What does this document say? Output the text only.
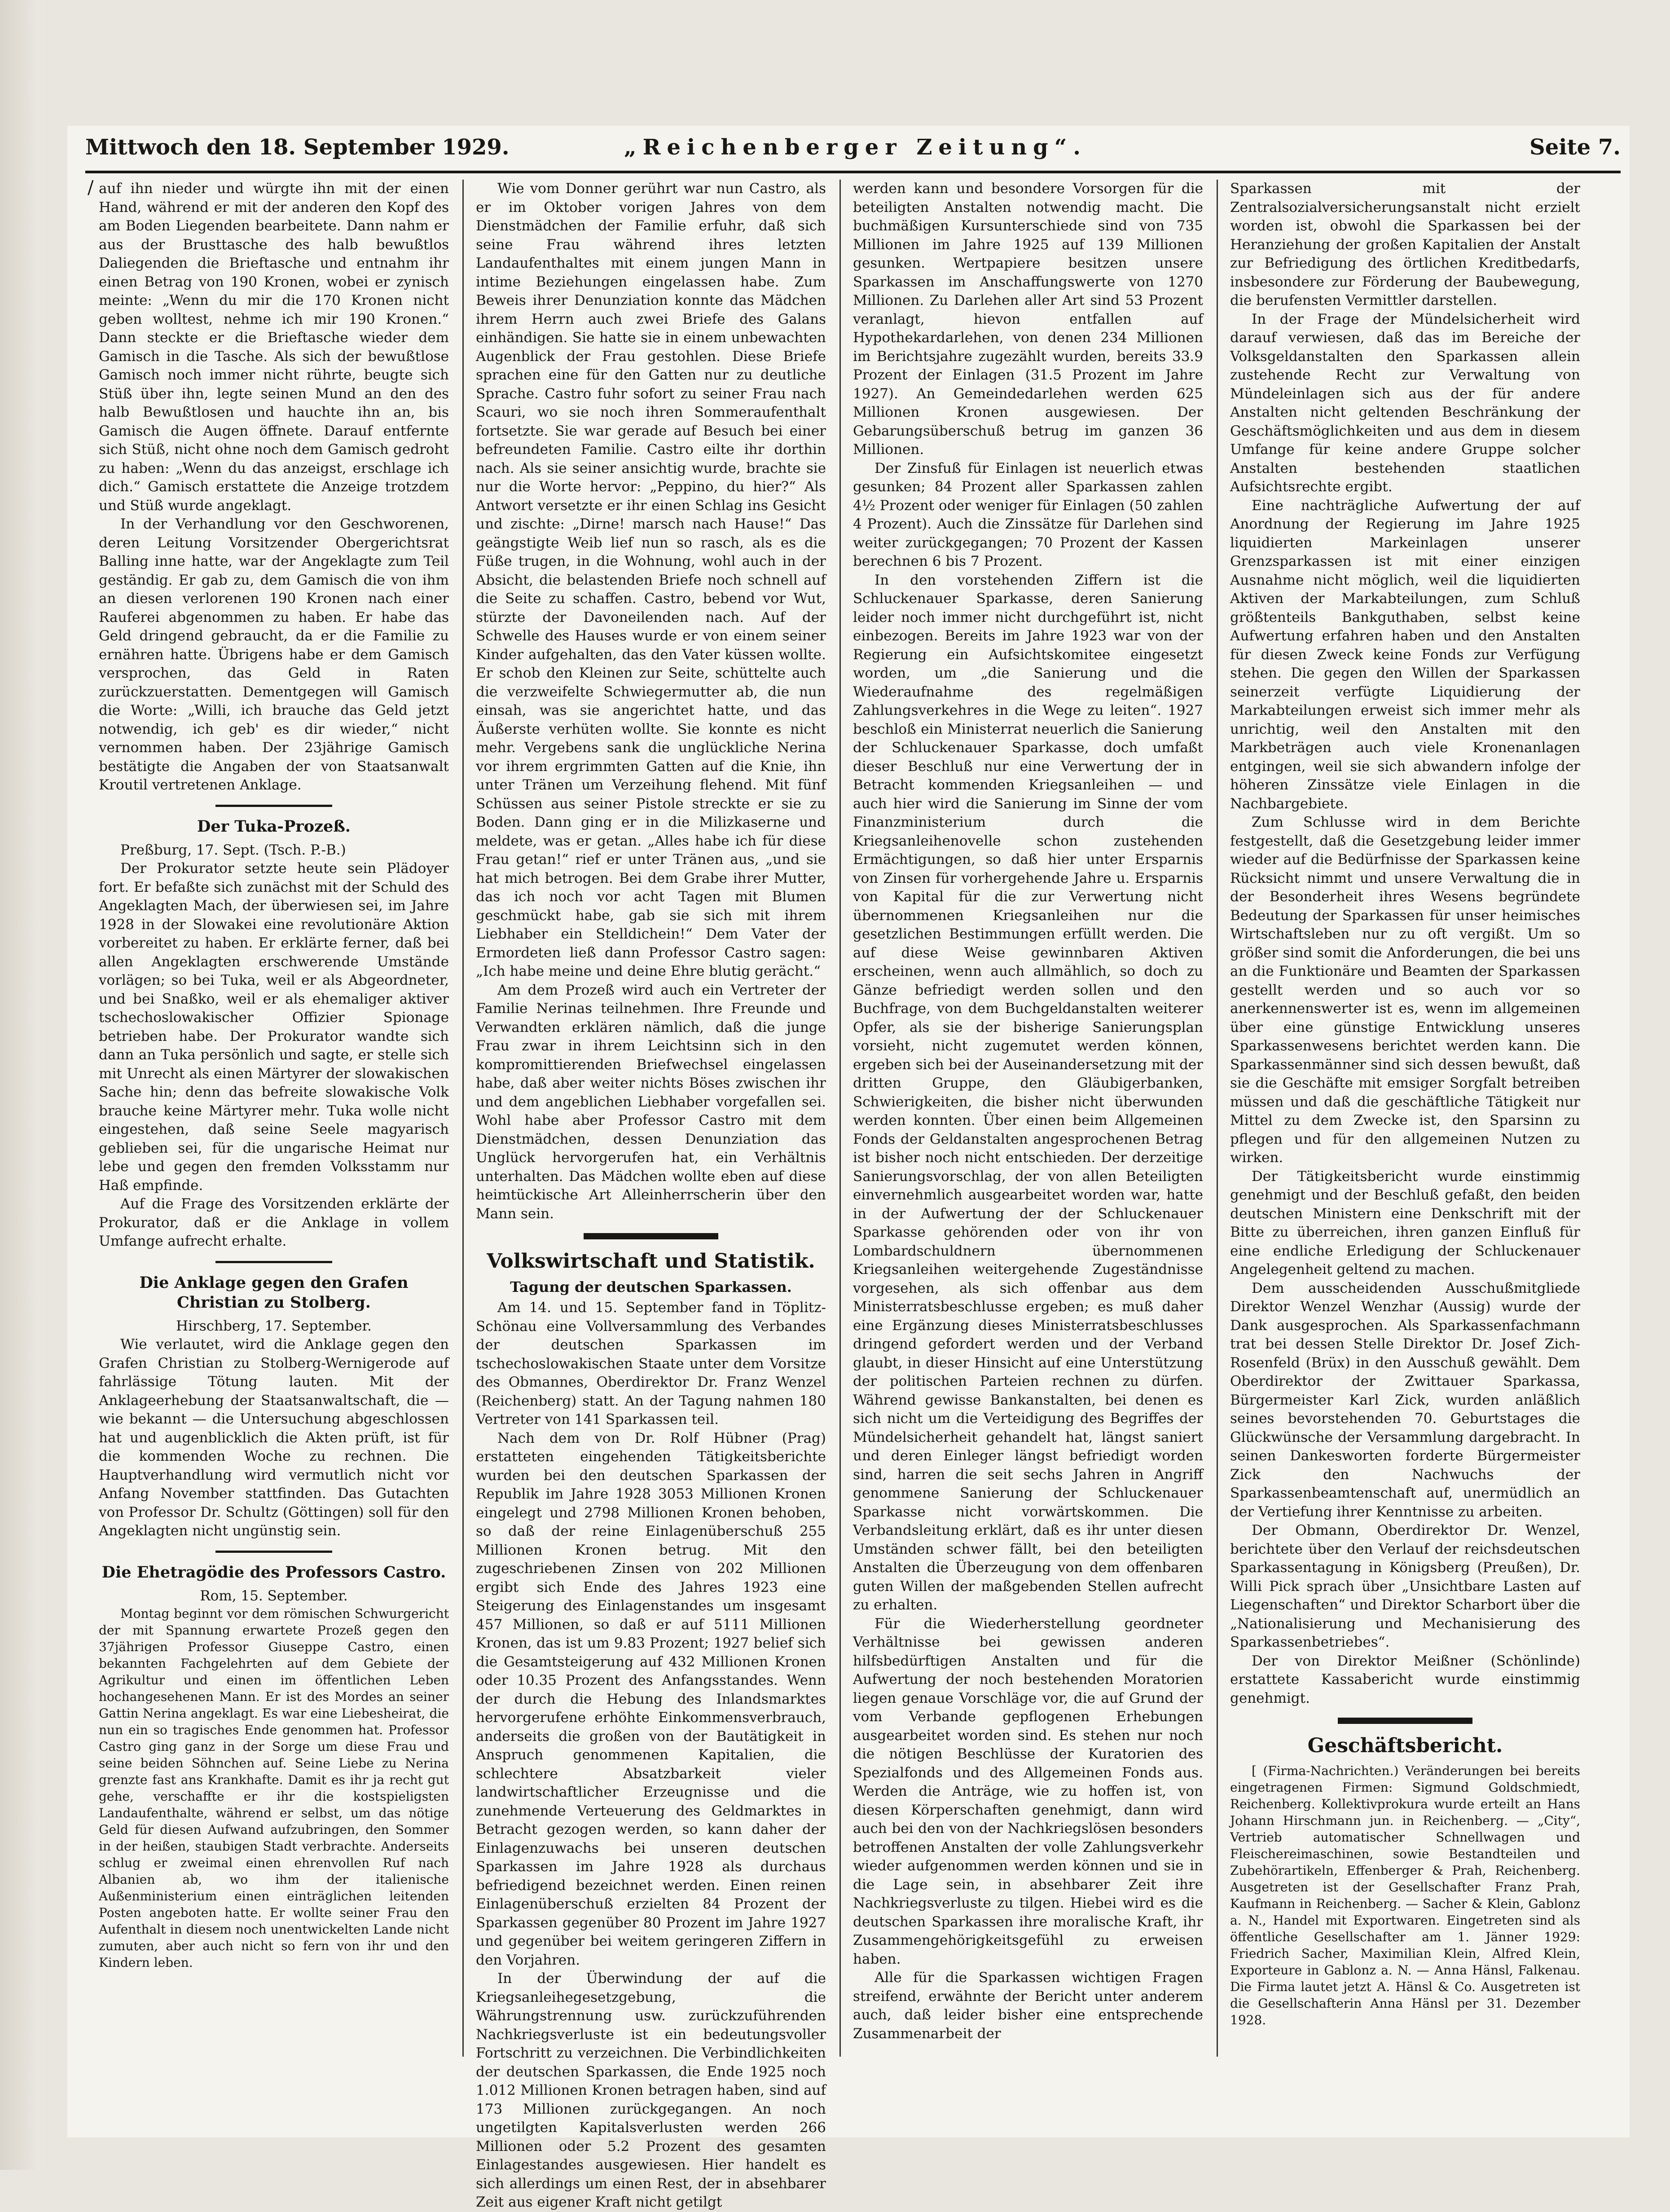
Mittwoch den 18. September 1929.	„Reichenberger Zeitung“.	Seite 7.
/ auf ihn nieder und würgte ihn mit der einen Hand, während er mit der anderen den Kopf des am Boden Liegenden bearbeitete. Dann nahm er aus der Brusttasche des halb bewußtlos Daliegenden die Brieftasche und entnahm ihr einen Betrag von 190 Kronen, wobei er zynisch meinte: „Wenn du mir die 170 Kronen nicht geben wolltest, nehme ich mir 190 Kronen.“ Dann steckte er die Brieftasche wieder dem Gamisch in die Tasche. Als sich der bewußtlose Gamisch noch immer nicht rührte, beugte sich Stüß über ihn, legte seinen Mund an den des halb Bewußtlosen und hauchte ihn an, bis Gamisch die Augen öffnete. Darauf entfernte sich Stüß, nicht ohne noch dem Gamisch gedroht zu haben: „Wenn du das anzeigst, erschlage ich dich.“ Gamisch erstattete die Anzeige trotzdem und Stüß wurde angeklagt.

In der Verhandlung vor den Geschworenen, deren Leitung Vorsitzender Obergerichtsrat Balling inne hatte, war der Angeklagte zum Teil geständig. Er gab zu, dem Gamisch die von ihm an diesen verlorenen 190 Kronen nach einer Rauferei abgenommen zu haben. Er habe das Geld dringend gebraucht, da er die Familie zu ernähren hatte. Übrigens habe er dem Gamisch versprochen, das Geld in Raten zurückzuerstatten. Dementgegen will Gamisch die Worte: „Willi, ich brauche das Geld jetzt notwendig, ich geb' es dir wieder,“ nicht vernommen haben. Der 23jährige Gamisch bestätigte die Angaben der von Staatsanwalt Kroutil vertretenen Anklage.

Der Tuka-Prozeß.

Preßburg, 17. Sept. (Tsch. P.-B.)

Der Prokurator setzte heute sein Plädoyer fort. Er befaßte sich zunächst mit der Schuld des Angeklagten Mach, der überwiesen sei, im Jahre 1928 in der Slowakei eine revolutionäre Aktion vorbereitet zu haben. Er erklärte ferner, daß bei allen Angeklagten erschwerende Umstände vorlägen; so bei Tuka, weil er als Abgeordneter, und bei Snaßko, weil er als ehemaliger aktiver tschechoslowakischer Offizier Spionage betrieben habe. Der Prokurator wandte sich dann an Tuka persönlich und sagte, er stelle sich mit Unrecht als einen Märtyrer der slowakischen Sache hin; denn das befreite slowakische Volk brauche keine Märtyrer mehr. Tuka wolle nicht eingestehen, daß seine Seele magyarisch geblieben sei, für die ungarische Heimat nur lebe und gegen den fremden Volksstamm nur Haß empfinde.

Auf die Frage des Vorsitzenden erklärte der Prokurator, daß er die Anklage in vollem Umfange aufrecht erhalte.

Die Anklage gegen den Grafen Christian zu Stolberg.

Hirschberg, 17. September.

Wie verlautet, wird die Anklage gegen den Grafen Christian zu Stolberg-Wernigerode auf fahrlässige Tötung lauten. Mit der Anklageerhebung der Staatsanwaltschaft, die — wie bekannt — die Untersuchung abgeschlossen hat und augenblicklich die Akten prüft, ist für die kommenden Woche zu rechnen. Die Hauptverhandlung wird vermutlich nicht vor Anfang November stattfinden. Das Gutachten von Professor Dr. Schultz (Göttingen) soll für den Angeklagten nicht ungünstig sein.

Die Ehetragödie des Professors Castro.

Rom, 15. September.

Montag beginnt vor dem römischen Schwurgericht der mit Spannung erwartete Prozeß gegen den 37jährigen Professor Giuseppe Castro, einen bekannten Fachgelehrten auf dem Gebiete der Agrikultur und einen im öffentlichen Leben hochangesehenen Mann. Er ist des Mordes an seiner Gattin Nerina angeklagt. Es war eine Liebesheirat, die nun ein so tragisches Ende genommen hat. Professor Castro ging ganz in der Sorge um diese Frau und seine beiden Söhnchen auf. Seine Liebe zu Nerina grenzte fast ans Krankhafte. Damit es ihr ja recht gut gehe, verschaffte er ihr die kostspieligsten Landaufenthalte, während er selbst, um das nötige Geld für diesen Aufwand aufzubringen, den Sommer in der heißen, staubigen Stadt verbrachte. Anderseits schlug er zweimal einen ehrenvollen Ruf nach Albanien ab, wo ihm der italienische Außenministerium einen einträglichen leitenden Posten angeboten hatte. Er wollte seiner Frau den Aufenthalt in diesem noch unentwickelten Lande nicht zumuten, aber auch nicht so fern von ihr und den Kindern leben.

Wie vom Donner gerührt war nun Castro, als er im Oktober vorigen Jahres von dem Dienstmädchen der Familie erfuhr, daß sich seine Frau während ihres letzten Landaufenthaltes mit einem jungen Mann in intime Beziehungen eingelassen habe. Zum Beweis ihrer Denunziation konnte das Mädchen ihrem Herrn auch zwei Briefe des Galans einhändigen. Sie hatte sie in einem unbewachten Augenblick der Frau gestohlen. Diese Briefe sprachen eine für den Gatten nur zu deutliche Sprache. Castro fuhr sofort zu seiner Frau nach Scauri, wo sie noch ihren Sommeraufenthalt fortsetzte. Sie war gerade auf Besuch bei einer befreundeten Familie. Castro eilte ihr dorthin nach. Als sie seiner ansichtig wurde, brachte sie nur die Worte hervor: „Peppino, du hier?“ Als Antwort versetzte er ihr einen Schlag ins Gesicht und zischte: „Dirne! marsch nach Hause!“ Das geängstigte Weib lief nun so rasch, als es die Füße trugen, in die Wohnung, wohl auch in der Absicht, die belastenden Briefe noch schnell auf die Seite zu schaffen. Castro, bebend vor Wut, stürzte der Davoneilenden nach. Auf der Schwelle des Hauses wurde er von einem seiner Kinder aufgehalten, das den Vater küssen wollte. Er schob den Kleinen zur Seite, schüttelte auch die verzweifelte Schwiegermutter ab, die nun einsah, was sie angerichtet hatte, und das Äußerste verhüten wollte. Sie konnte es nicht mehr. Vergebens sank die unglückliche Nerina vor ihrem ergrimmten Gatten auf die Knie, ihn unter Tränen um Verzeihung flehend. Mit fünf Schüssen aus seiner Pistole streckte er sie zu Boden. Dann ging er in die Milizkaserne und meldete, was er getan. „Alles habe ich für diese Frau getan!“ rief er unter Tränen aus, „und sie hat mich betrogen. Bei dem Grabe ihrer Mutter, das ich noch vor acht Tagen mit Blumen geschmückt habe, gab sie sich mit ihrem Liebhaber ein Stelldichein!“ Dem Vater der Ermordeten ließ dann Professor Castro sagen: „Ich habe meine und deine Ehre blutig gerächt.“

Am dem Prozeß wird auch ein Vertreter der Familie Nerinas teilnehmen. Ihre Freunde und Verwandten erklären nämlich, daß die junge Frau zwar in ihrem Leichtsinn sich in den kompromittierenden Briefwechsel eingelassen habe, daß aber weiter nichts Böses zwischen ihr und dem angeblichen Liebhaber vorgefallen sei. Wohl habe aber Professor Castro mit dem Dienstmädchen, dessen Denunziation das Unglück hervorgerufen hat, ein Verhältnis unterhalten. Das Mädchen wollte eben auf diese heimtückische Art Alleinherrscherin über den Mann sein.

Volkswirtschaft und Statistik.
Tagung der deutschen Sparkassen.

Am 14. und 15. September fand in Töplitz-Schönau eine Vollversammlung des Verbandes der deutschen Sparkassen im tschechoslowakischen Staate unter dem Vorsitze des Obmannes, Oberdirektor Dr. Franz Wenzel (Reichenberg) statt. An der Tagung nahmen 180 Vertreter von 141 Sparkassen teil.

Nach dem von Dr. Rolf Hübner (Prag) erstatteten eingehenden Tätigkeitsberichte wurden bei den deutschen Sparkassen der Republik im Jahre 1928 3053 Millionen Kronen eingelegt und 2798 Millionen Kronen behoben, so daß der reine Einlagenüberschuß 255 Millionen Kronen betrug. Mit den zugeschriebenen Zinsen von 202 Millionen ergibt sich Ende des Jahres 1923 eine Steigerung des Einlagenstandes um insgesamt 457 Millionen, so daß er auf 5111 Millionen Kronen, das ist um 9.83 Prozent; 1927 belief sich die Gesamtsteigerung auf 432 Millionen Kronen oder 10.35 Prozent des Anfangsstandes. Wenn der durch die Hebung des Inlandsmarktes hervorgerufene erhöhte Einkommensverbrauch, anderseits die großen von der Bautätigkeit in Anspruch genommenen Kapitalien, die schlechtere Absatzbarkeit vieler landwirtschaftlicher Erzeugnisse und die zunehmende Verteuerung des Geldmarktes in Betracht gezogen werden, so kann daher der Einlagenzuwachs bei unseren deutschen Sparkassen im Jahre 1928 als durchaus befriedigend bezeichnet werden. Einen reinen Einlagenüberschuß erzielten 84 Prozent der Sparkassen gegenüber 80 Prozent im Jahre 1927 und gegenüber bei weitem geringeren Ziffern in den Vorjahren.

In der Überwindung der auf die Kriegsanleihegesetzgebung, die Währungstrennung usw. zurückzuführenden Nachkriegsverluste ist ein bedeutungsvoller Fortschritt zu verzeichnen. Die Verbindlichkeiten der deutschen Sparkassen, die Ende 1925 noch 1.012 Millionen Kronen betragen haben, sind auf 173 Millionen zurückgegangen. An noch ungetilgten Kapitalsverlusten werden 266 Millionen oder 5.2 Prozent des gesamten Einlagestandes ausgewiesen. Hier handelt es sich allerdings um einen Rest, der in absehbarer Zeit aus eigener Kraft nicht getilgt

werden kann und besondere Vorsorgen für die beteiligten Anstalten notwendig macht. Die buchmäßigen Kursunterschiede sind von 735 Millionen im Jahre 1925 auf 139 Millionen gesunken. Wertpapiere besitzen unsere Sparkassen im Anschaffungswerte von 1270 Millionen. Zu Darlehen aller Art sind 53 Prozent veranlagt, hievon entfallen auf Hypothekardarlehen, von denen 234 Millionen im Berichtsjahre zugezählt wurden, bereits 33.9 Prozent der Einlagen (31.5 Prozent im Jahre 1927). An Gemeindedarlehen werden 625 Millionen Kronen ausgewiesen. Der Gebarungsüberschuß betrug im ganzen 36 Millionen.

Der Zinsfuß für Einlagen ist neuerlich etwas gesunken; 84 Prozent aller Sparkassen zahlen 4½ Prozent oder weniger für Einlagen (50 zahlen 4 Prozent). Auch die Zinssätze für Darlehen sind weiter zurückgegangen; 70 Prozent der Kassen berechnen 6 bis 7 Prozent.

In den vorstehenden Ziffern ist die Schluckenauer Sparkasse, deren Sanierung leider noch immer nicht durchgeführt ist, nicht einbezogen. Bereits im Jahre 1923 war von der Regierung ein Aufsichtskomitee eingesetzt worden, um „die Sanierung und die Wiederaufnahme des regelmäßigen Zahlungsverkehres in die Wege zu leiten“. 1927 beschloß ein Ministerrat neuerlich die Sanierung der Schluckenauer Sparkasse, doch umfaßt dieser Beschluß nur eine Verwertung der in Betracht kommenden Kriegsanleihen — und auch hier wird die Sanierung im Sinne der vom Finanzministerium durch die Kriegsanleihenovelle schon zustehenden Ermächtigungen, so daß hier unter Ersparnis von Zinsen für vorhergehende Jahre u. Ersparnis von Kapital für die zur Verwertung nicht übernommenen Kriegsanleihen nur die gesetzlichen Bestimmungen erfüllt werden. Die auf diese Weise gewinnbaren Aktiven erscheinen, wenn auch allmählich, so doch zu Gänze befriedigt werden sollen und den Buchfrage, von dem Buchgeldanstalten weiterer Opfer, als sie der bisherige Sanierungsplan vorsieht, nicht zugemutet werden können, ergeben sich bei der Auseinandersetzung mit der dritten Gruppe, den Gläubigerbanken, Schwierigkeiten, die bisher nicht überwunden werden konnten. Über einen beim Allgemeinen Fonds der Geldanstalten angesprochenen Betrag ist bisher noch nicht entschieden. Der derzeitige Sanierungsvorschlag, der von allen Beteiligten einvernehmlich ausgearbeitet worden war, hatte in der Aufwertung der der Schluckenauer Sparkasse gehörenden oder von ihr von Lombardschuldnern übernommenen Kriegsanleihen weitergehende Zugeständnisse vorgesehen, als sich offenbar aus dem Ministerratsbeschlusse ergeben; es muß daher eine Ergänzung dieses Ministerratsbeschlusses dringend gefordert werden und der Verband glaubt, in dieser Hinsicht auf eine Unterstützung der politischen Parteien rechnen zu dürfen. Während gewisse Bankanstalten, bei denen es sich nicht um die Verteidigung des Begriffes der Mündelsicherheit gehandelt hat, längst saniert und deren Einleger längst befriedigt worden sind, harren die seit sechs Jahren in Angriff genommene Sanierung der Schluckenauer Sparkasse nicht vorwärtskommen. Die Verbandsleitung erklärt, daß es ihr unter diesen Umständen schwer fällt, bei den beteiligten Anstalten die Überzeugung von dem offenbaren guten Willen der maßgebenden Stellen aufrecht zu erhalten.

Für die Wiederherstellung geordneter Verhältnisse bei gewissen anderen hilfsbedürftigen Anstalten und für die Aufwertung der noch bestehenden Moratorien liegen genaue Vorschläge vor, die auf Grund der vom Verbande gepflogenen Erhebungen ausgearbeitet worden sind. Es stehen nur noch die nötigen Beschlüsse der Kuratorien des Spezialfonds und des Allgemeinen Fonds aus. Werden die Anträge, wie zu hoffen ist, von diesen Körperschaften genehmigt, dann wird auch bei den von der Nachkriegslösen besonders betroffenen Anstalten der volle Zahlungsverkehr wieder aufgenommen werden können und sie in die Lage sein, in absehbarer Zeit ihre Nachkriegsverluste zu tilgen. Hiebei wird es die deutschen Sparkassen ihre moralische Kraft, ihr Zusammengehörigkeitsgefühl zu erweisen haben.

Alle für die Sparkassen wichtigen Fragen streifend, erwähnte der Bericht unter anderem auch, daß leider bisher eine entsprechende Zusammenarbeit der

Sparkassen mit der Zentralsozialversicherungsanstalt nicht erzielt worden ist, obwohl die Sparkassen bei der Heranziehung der großen Kapitalien der Anstalt zur Befriedigung des örtlichen Kreditbedarfs, insbesondere zur Förderung der Baubewegung, die berufensten Vermittler darstellen.

In der Frage der Mündelsicherheit wird darauf verwiesen, daß das im Bereiche der Volksgeldanstalten den Sparkassen allein zustehende Recht zur Verwaltung von Mündeleinlagen sich aus der für andere Anstalten nicht geltenden Beschränkung der Geschäftsmöglichkeiten und aus dem in diesem Umfange für keine andere Gruppe solcher Anstalten bestehenden staatlichen Aufsichtsrechte ergibt.

Eine nachträgliche Aufwertung der auf Anordnung der Regierung im Jahre 1925 liquidierten Markeinlagen unserer Grenzsparkassen ist mit einer einzigen Ausnahme nicht möglich, weil die liquidierten Aktiven der Markabteilungen, zum Schluß größtenteils Bankguthaben, selbst keine Aufwertung erfahren haben und den Anstalten für diesen Zweck keine Fonds zur Verfügung stehen. Die gegen den Willen der Sparkassen seinerzeit verfügte Liquidierung der Markabteilungen erweist sich immer mehr als unrichtig, weil den Anstalten mit den Markbeträgen auch viele Kronenanlagen entgingen, weil sie sich abwandern infolge der höheren Zinssätze viele Einlagen in die Nachbargebiete.

Zum Schlusse wird in dem Berichte festgestellt, daß die Gesetzgebung leider immer wieder auf die Bedürfnisse der Sparkassen keine Rücksicht nimmt und unsere Verwaltung die in der Besonderheit ihres Wesens begründete Bedeutung der Sparkassen für unser heimisches Wirtschaftsleben nur zu oft vergißt. Um so größer sind somit die Anforderungen, die bei uns an die Funktionäre und Beamten der Sparkassen gestellt werden und so auch vor so anerkennenswerter ist es, wenn im allgemeinen über eine günstige Entwicklung unseres Sparkassenwesens berichtet werden kann. Die Sparkassenmänner sind sich dessen bewußt, daß sie die Geschäfte mit emsiger Sorgfalt betreiben müssen und daß die geschäftliche Tätigkeit nur Mittel zu dem Zwecke ist, den Sparsinn zu pflegen und für den allgemeinen Nutzen zu wirken.

Der Tätigkeitsbericht wurde einstimmig genehmigt und der Beschluß gefaßt, den beiden deutschen Ministern eine Denkschrift mit der Bitte zu überreichen, ihren ganzen Einfluß für eine endliche Erledigung der Schluckenauer Angelegenheit geltend zu machen.

Dem ausscheidenden Ausschußmitgliede Direktor Wenzel Wenzhar (Aussig) wurde der Dank ausgesprochen. Als Sparkassenfachmann trat bei dessen Stelle Direktor Dr. Josef Zich-Rosenfeld (Brüx) in den Ausschuß gewählt. Dem Oberdirektor der Zwittauer Sparkassa, Bürgermeister Karl Zick, wurden anläßlich seines bevorstehenden 70. Geburtstages die Glückwünsche der Versammlung dargebracht. In seinen Dankesworten forderte Bürgermeister Zick den Nachwuchs der Sparkassenbeamtenschaft auf, unermüdlich an der Vertiefung ihrer Kenntnisse zu arbeiten.

Der Obmann, Oberdirektor Dr. Wenzel, berichtete über den Verlauf der reichsdeutschen Sparkassentagung in Königsberg (Preußen), Dr. Willi Pick sprach über „Unsichtbare Lasten auf Liegenschaften“ und Direktor Scharbort über die „Nationalisierung und Mechanisierung des Sparkassenbetriebes“.

Der von Direktor Meißner (Schönlinde) erstattete Kassabericht wurde einstimmig genehmigt.

Geschäftsbericht.

[ (Firma-Nachrichten.) Veränderungen bei bereits eingetragenen Firmen: Sigmund Goldschmiedt, Reichenberg. Kollektivprokura wurde erteilt an Hans Johann Hirschmann jun. in Reichenberg. — „City“, Vertrieb automatischer Schnellwagen und Fleischereimaschinen, sowie Bestandteilen und Zubehörartikeln, Effenberger & Prah, Reichenberg. Ausgetreten ist der Gesellschafter Franz Prah, Kaufmann in Reichenberg. — Sacher & Klein, Gablonz a. N., Handel mit Exportwaren. Eingetreten sind als öffentliche Gesellschafter am 1. Jänner 1929: Friedrich Sacher, Maximilian Klein, Alfred Klein, Exporteure in Gablonz a. N. — Anna Hänsl, Falkenau. Die Firma lautet jetzt A. Hänsl & Co. Ausgetreten ist die Gesellschafterin Anna Hänsl per 31. Dezember 1928.
